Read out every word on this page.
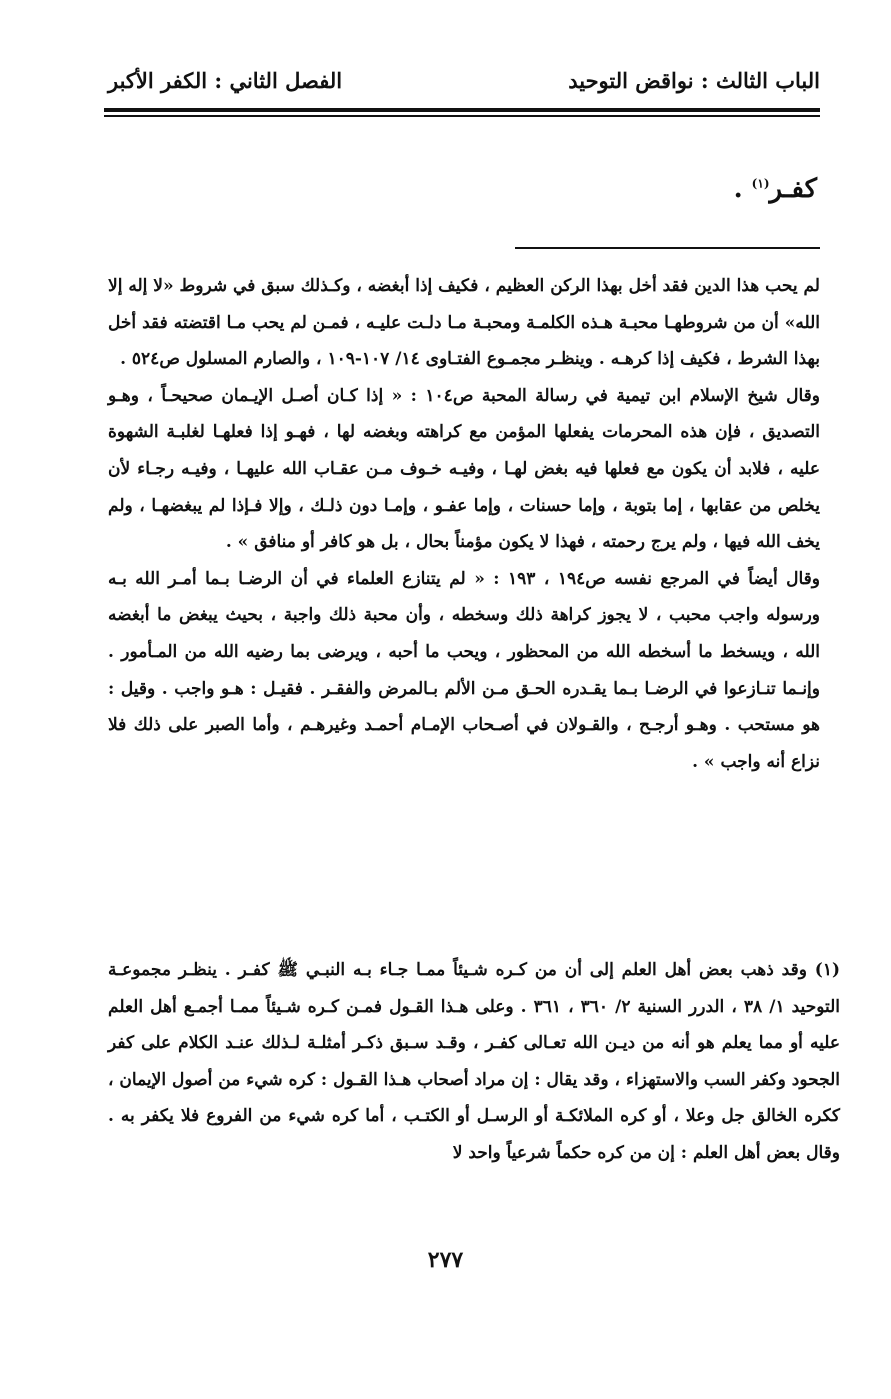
الباب الثالث : نواقض التوحيد
الفصل الثاني : الكفر الأكبر
كفـر$^{(١)}$ .

لم يحب هذا الدين فقد أخل بهذا الركن العظيم ، فكيف إذا أبغضه ، وكـذلك سبق في شروط «لا إله إلا الله» أن من شروطهـا محبـة هـذه الكلمـة ومحبـة مـا دلـت عليـه ، فمـن لم يحب مـا اقتضته فقد أخل بهذا الشرط ، فكيف إذا كرهـه . وينظـر مجمـوع الفتـاوى ١٤/ ١٠٧-١٠٩ ، والصارم المسلول ص٥٢٤ .

وقال شيخ الإسلام ابن تيمية في رسالة المحبة ص١٠٤ : « إذا كـان أصـل الإيـمان صحيحـاً ، وهـو التصديق ، فإن هذه المحرمات يفعلها المؤمن مع كراهته وبغضه لها ، فهـو إذا فعلهـا لغلبـة الشهوة عليه ، فلابد أن يكون مع فعلها فيه بغض لهـا ، وفيـه خـوف مـن عقـاب الله عليهـا ، وفيـه رجـاء لأن يخلص من عقابها ، إما بتوبة ، وإما حسنات ، وإما عفـو ، وإمـا دون ذلـك ، وإلا فـإذا لم يبغضهـا ، ولم يخف الله فيها ، ولم يرج رحمته ، فهذا لا يكون مؤمناً بحال ، بل هو كافر أو منافق » .

وقال أيضاً في المرجع نفسه ص١٩٤ ، ١٩٣ : « لم يتنازع العلماء في أن الرضـا بـما أمـر الله بـه ورسوله واجب محبب ، لا يجوز كراهة ذلك وسخطه ، وأن محبة ذلك واجبة ، بحيث يبغض ما أبغضه الله ، ويسخط ما أسخطه الله من المحظور ، ويحب ما أحبه ، ويرضى بما رضيه الله من المـأمور . وإنـما تنـازعوا في الرضـا بـما يقـدره الحـق مـن الألم بـالمرض والفقـر . فقيـل : هـو واجب . وقيل : هو مستحب . وهـو أرجـح ، والقـولان في أصـحاب الإمـام أحمـد وغيرهـم ، وأما الصبر على ذلك فلا نزاع أنه واجب » .

(١) وقد ذهب بعض أهل العلم إلى أن من كـره شـيئاً ممـا جـاء بـه النبـي ﷺ كفـر . ينظـر مجموعـة التوحيد ١/ ٣٨ ، الدرر السنية ٢/ ٣٦٠ ، ٣٦١ . وعلى هـذا القـول فمـن كـره شـيئاً ممـا أجمـع أهل العلم عليه أو مما يعلم هو أنه من ديـن الله تعـالى كفـر ، وقـد سـبق ذكـر أمثلـة لـذلك عنـد الكلام على كفر الجحود وكفر السب والاستهزاء ، وقد يقال : إن مراد أصحاب هـذا القـول : كره شيء من أصول الإيمان ، ككره الخالق جل وعلا ، أو كره الملائكـة أو الرسـل أو الكتـب ، أما كره شيء من الفروع فلا يكفر به . وقال بعض أهل العلم : إن من كره حكماً شرعياً واحد لا
٢٧٧
